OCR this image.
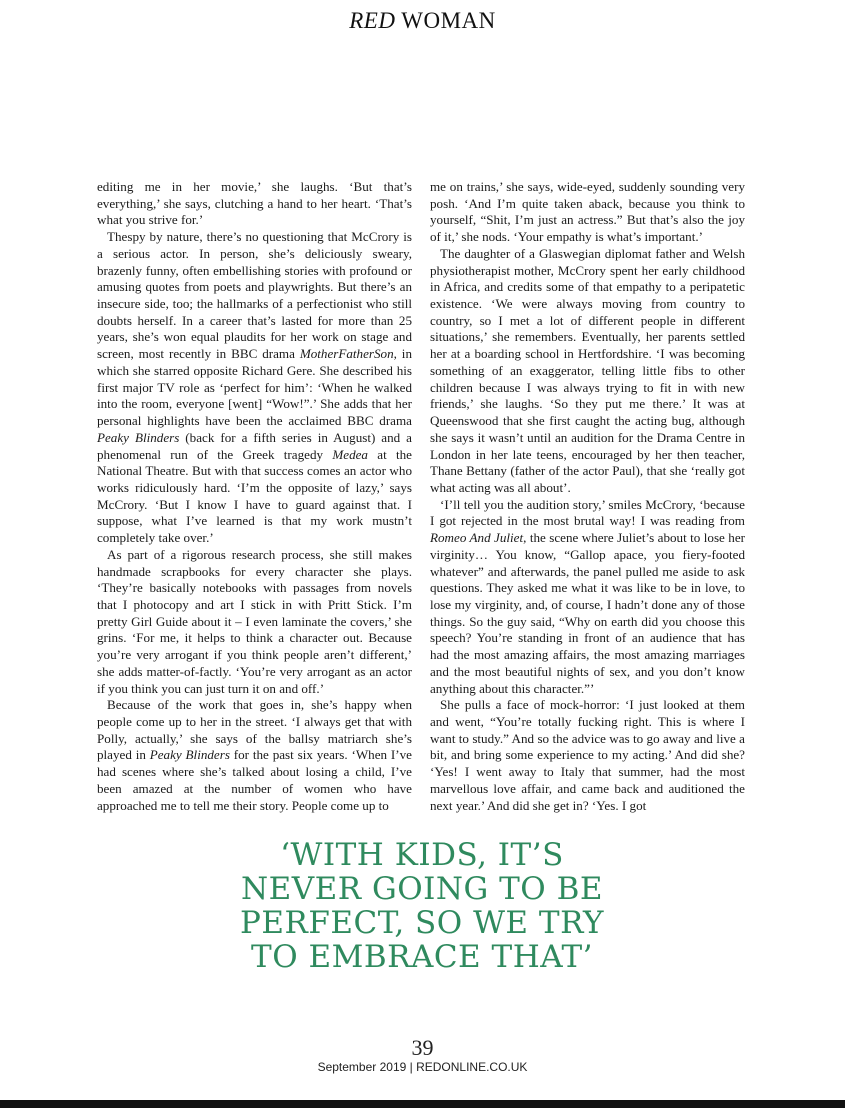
RED WOMAN

editing me in her movie,’ she laughs. ‘But that’s everything,’ she says, clutching a hand to her heart. ‘That’s what you strive for.’

Thespy by nature, there’s no questioning that McCrory is a serious actor. In person, she’s deliciously sweary, brazenly funny, often embellishing stories with profound or amusing quotes from poets and playwrights. But there’s an insecure side, too; the hallmarks of a perfectionist who still doubts herself. In a career that’s lasted for more than 25 years, she’s won equal plaudits for her work on stage and screen, most recently in BBC drama MotherFatherSon, in which she starred opposite Richard Gere. She described his first major TV role as ‘perfect for him’: ‘When he walked into the room, everyone [went] “Wow!”.’ She adds that her personal highlights have been the acclaimed BBC drama Peaky Blinders (back for a fifth series in August) and a phenomenal run of the Greek tragedy Medea at the National Theatre. But with that success comes an actor who works ridiculously hard. ‘I’m the opposite of lazy,’ says McCrory. ‘But I know I have to guard against that. I suppose, what I’ve learned is that my work mustn’t completely take over.’

As part of a rigorous research process, she still makes handmade scrapbooks for every character she plays. ‘They’re basically notebooks with passages from novels that I photocopy and art I stick in with Pritt Stick. I’m pretty Girl Guide about it – I even laminate the covers,’ she grins. ‘For me, it helps to think a character out. Because you’re very arrogant if you think people aren’t different,’ she adds matter-of-factly. ‘You’re very arrogant as an actor if you think you can just turn it on and off.’

Because of the work that goes in, she’s happy when people come up to her in the street. ‘I always get that with Polly, actually,’ she says of the ballsy matriarch she’s played in Peaky Blinders for the past six years. ‘When I’ve had scenes where she’s talked about losing a child, I’ve been amazed at the number of women who have approached me to tell me their story. People come up to

me on trains,’ she says, wide-eyed, suddenly sounding very posh. ‘And I’m quite taken aback, because you think to yourself, “Shit, I’m just an actress.” But that’s also the joy of it,’ she nods. ‘Your empathy is what’s important.’

The daughter of a Glaswegian diplomat father and Welsh physiotherapist mother, McCrory spent her early childhood in Africa, and credits some of that empathy to a peripatetic existence. ‘We were always moving from country to country, so I met a lot of different people in different situations,’ she remembers. Eventually, her parents settled her at a boarding school in Hertfordshire. ‘I was becoming something of an exaggerator, telling little fibs to other children because I was always trying to fit in with new friends,’ she laughs. ‘So they put me there.’ It was at Queenswood that she first caught the acting bug, although she says it wasn’t until an audition for the Drama Centre in London in her late teens, encouraged by her then teacher, Thane Bettany (father of the actor Paul), that she ‘really got what acting was all about’.

‘I’ll tell you the audition story,’ smiles McCrory, ‘because I got rejected in the most brutal way! I was reading from Romeo And Juliet, the scene where Juliet’s about to lose her virginity… You know, “Gallop apace, you fiery-footed whatever” and afterwards, the panel pulled me aside to ask questions. They asked me what it was like to be in love, to lose my virginity, and, of course, I hadn’t done any of those things. So the guy said, “Why on earth did you choose this speech? You’re standing in front of an audience that has had the most amazing affairs, the most amazing marriages and the most beautiful nights of sex, and you don’t know anything about this character.”’

She pulls a face of mock-horror: ‘I just looked at them and went, “You’re totally fucking right. This is where I want to study.” And so the advice was to go away and live a bit, and bring some experience to my acting.’ And did she? ‘Yes! I went away to Italy that summer, had the most marvellous love affair, and came back and auditioned the next year.’ And did she get in? ‘Yes. I got

‘WITH KIDS, IT’S NEVER GOING TO BE PERFECT, SO WE TRY TO EMBRACE THAT’
39
September 2019 | REDONLINE.CO.UK
